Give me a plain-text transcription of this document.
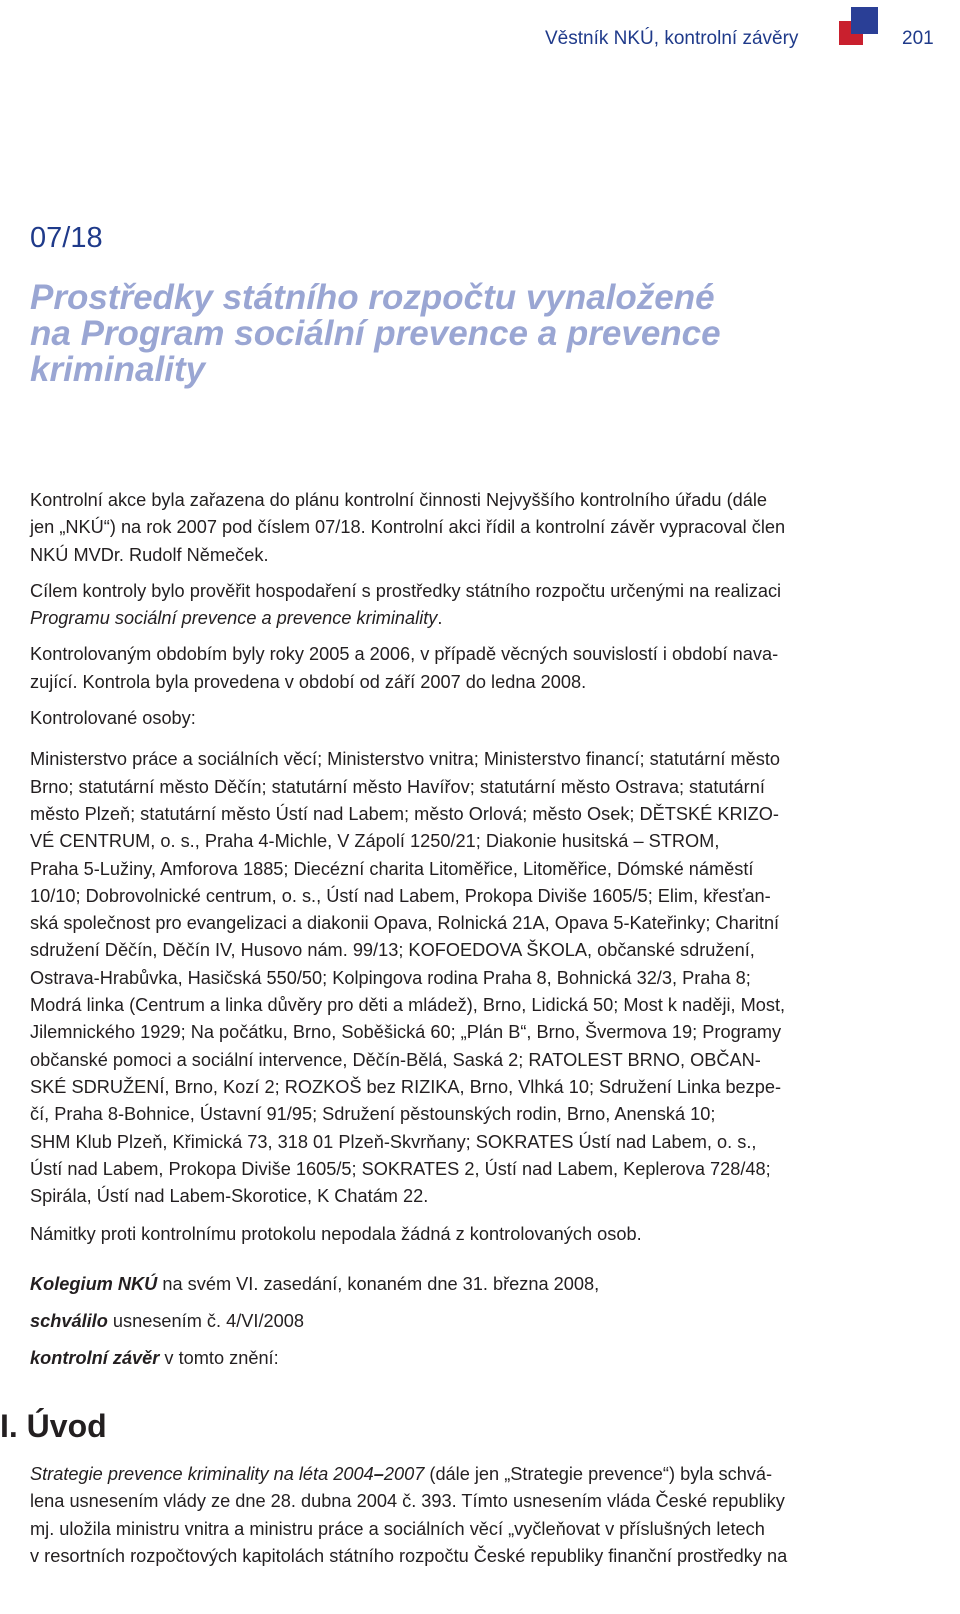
Věstník NKÚ, kontrolní závěry	201
07/18
Prostředky státního rozpočtu vynaložené
na Program sociální prevence a prevence
kriminality

Kontrolní akce byla zařazena do plánu kontrolní činnosti Nejvyššího kontrolního úřadu (dále
jen „NKÚ“) na rok 2007 pod číslem 07/18. Kontrolní akci řídil a kontrolní závěr vypracoval člen
NKÚ MVDr. Rudolf Němeček.

Cílem kontroly bylo prověřit hospodaření s prostředky státního rozpočtu určenými na realizaci
Programu sociální prevence a prevence kriminality.

Kontrolovaným obdobím byly roky 2005 a 2006, v případě věcných souvislostí i období nava-
zující. Kontrola byla provedena v období od září 2007 do ledna 2008.

Kontrolované osoby:

Ministerstvo práce a sociálních věcí; Ministerstvo vnitra; Ministerstvo financí; statutární město
Brno; statutární město Děčín; statutární město Havířov; statutární město Ostrava; statutární
město Plzeň; statutární město Ústí nad Labem; město Orlová; město Osek; DĚTSKÉ KRIZO-
VÉ CENTRUM, o. s., Praha 4-Michle, V Zápolí 1250/21; Diakonie husitská – STROM,
Praha 5-Lužiny, Amforova 1885; Diecézní charita Litoměřice, Litoměřice, Dómské náměstí
10/10; Dobrovolnické centrum, o. s., Ústí nad Labem, Prokopa Diviše 1605/5; Elim, křesťan-
ská společnost pro evangelizaci a diakonii Opava, Rolnická 21A, Opava 5-Kateřinky; Charitní
sdružení Děčín, Děčín IV, Husovo nám. 99/13; KOFOEDOVA ŠKOLA, občanské sdružení,
Ostrava-Hrabůvka, Hasičská 550/50; Kolpingova rodina Praha 8, Bohnická 32/3, Praha 8;
Modrá linka (Centrum a linka důvěry pro děti a mládež), Brno, Lidická 50; Most k naději, Most,
Jilemnického 1929; Na počátku, Brno, Soběšická 60; „Plán B“, Brno, Švermova 19; Programy
občanské pomoci a sociální intervence, Děčín-Bělá, Saská 2; RATOLEST BRNO, OBČAN-
SKÉ SDRUŽENÍ, Brno, Kozí 2; ROZKOŠ bez RIZIKA, Brno, Vlhká 10; Sdružení Linka bezpe-
čí, Praha 8-Bohnice, Ústavní 91/95; Sdružení pěstounských rodin, Brno, Anenská 10;
SHM Klub Plzeň, Křimická 73, 318 01 Plzeň-Skvrňany; SOKRATES Ústí nad Labem, o. s.,
Ústí nad Labem, Prokopa Diviše 1605/5; SOKRATES 2, Ústí nad Labem, Keplerova 728/48;
Spirála, Ústí nad Labem-Skorotice, K Chatám 22.

Námitky proti kontrolnímu protokolu nepodala žádná z kontrolovaných osob.

Kolegium NKÚ na svém VI. zasedání, konaném dne 31. března 2008,

schválilo usnesením č. 4/VI/2008

kontrolní závěr v tomto znění:

I. Úvod
Strategie prevence kriminality na léta 2004–2007 (dále jen „Strategie prevence“) byla schvá-
lena usnesením vlády ze dne 28. dubna 2004 č. 393. Tímto usnesením vláda České republiky
mj. uložila ministru vnitra a ministru práce a sociálních věcí „vyčleňovat v příslušných letech
v resortních rozpočtových kapitolách státního rozpočtu České republiky finanční prostředky na
